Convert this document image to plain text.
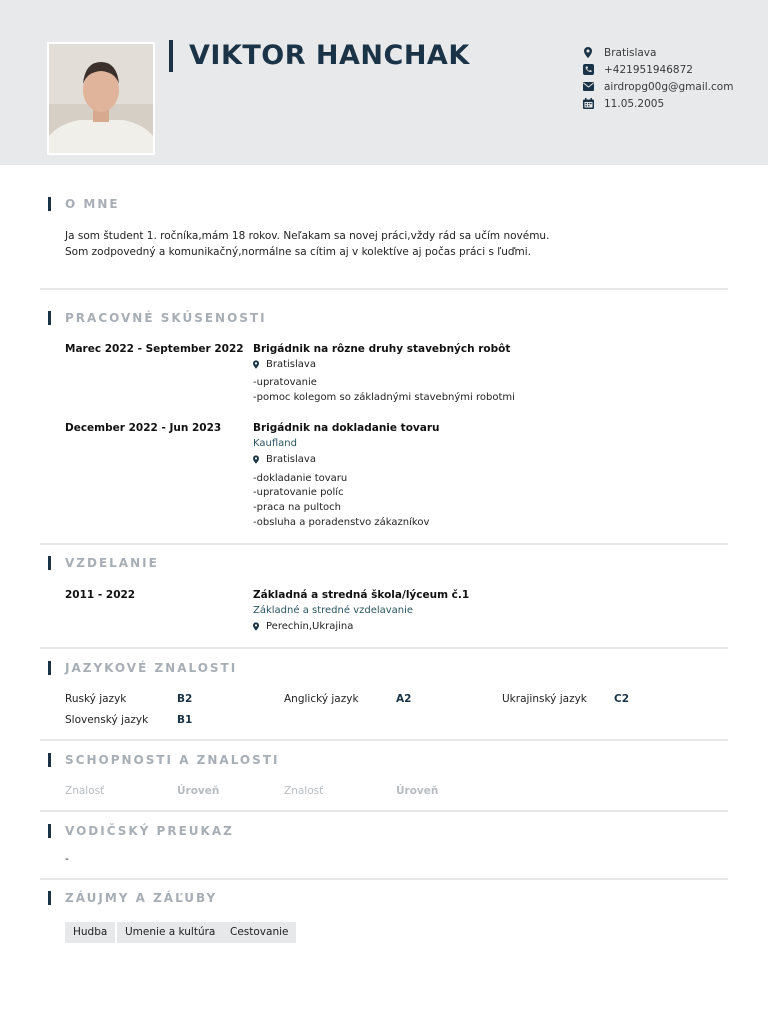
VIKTOR HANCHAK	Bratislava
+421951946872
airdropg00g@gmail.com
11.05.2005
O MNE
Ja som študent 1. ročníka,mám 18 rokov. Neľakam sa novej práci,vždy rád sa učím novému.
Som zodpovedný a komunikačný,normálne sa cítim aj v kolektíve aj počas práci s ľuďmi.
PRACOVNÉ SKÚSENOSTI
Marec 2022 - September 2022 Brigádnik na rôzne druhy stavebných robôt
Bratislava
-upratovanie
-pomoc kolegom so základnými stavebnými robotmi
December 2022 - Jun 2023	Brigádnik na dokladanie tovaru
Kaufland
Bratislava
-dokladanie tovaru
-upratovanie políc
-praca na pultoch
-obsluha a poradenstvo zákazníkov
VZDELANIE
2011 - 2022	Základná a stredná škola/lýceum č.1
Základné a stredné vzdelavanie
Perechin,Ukrajina
JAZYKOVÉ ZNALOSTI
Ruský jazyk	B2	Anglický jazyk	A2	Ukrajinský jazyk	C2
Slovenský jazyk	B1
SCHOPNOSTI A ZNALOSTI
Znalosť	Úroveň	Znalosť	Úroveň
VODIČSKÝ PREUKAZ
-
ZÁUJMY A ZÁĽUBY
Hudba	Umenie a kultúra	Cestovanie
